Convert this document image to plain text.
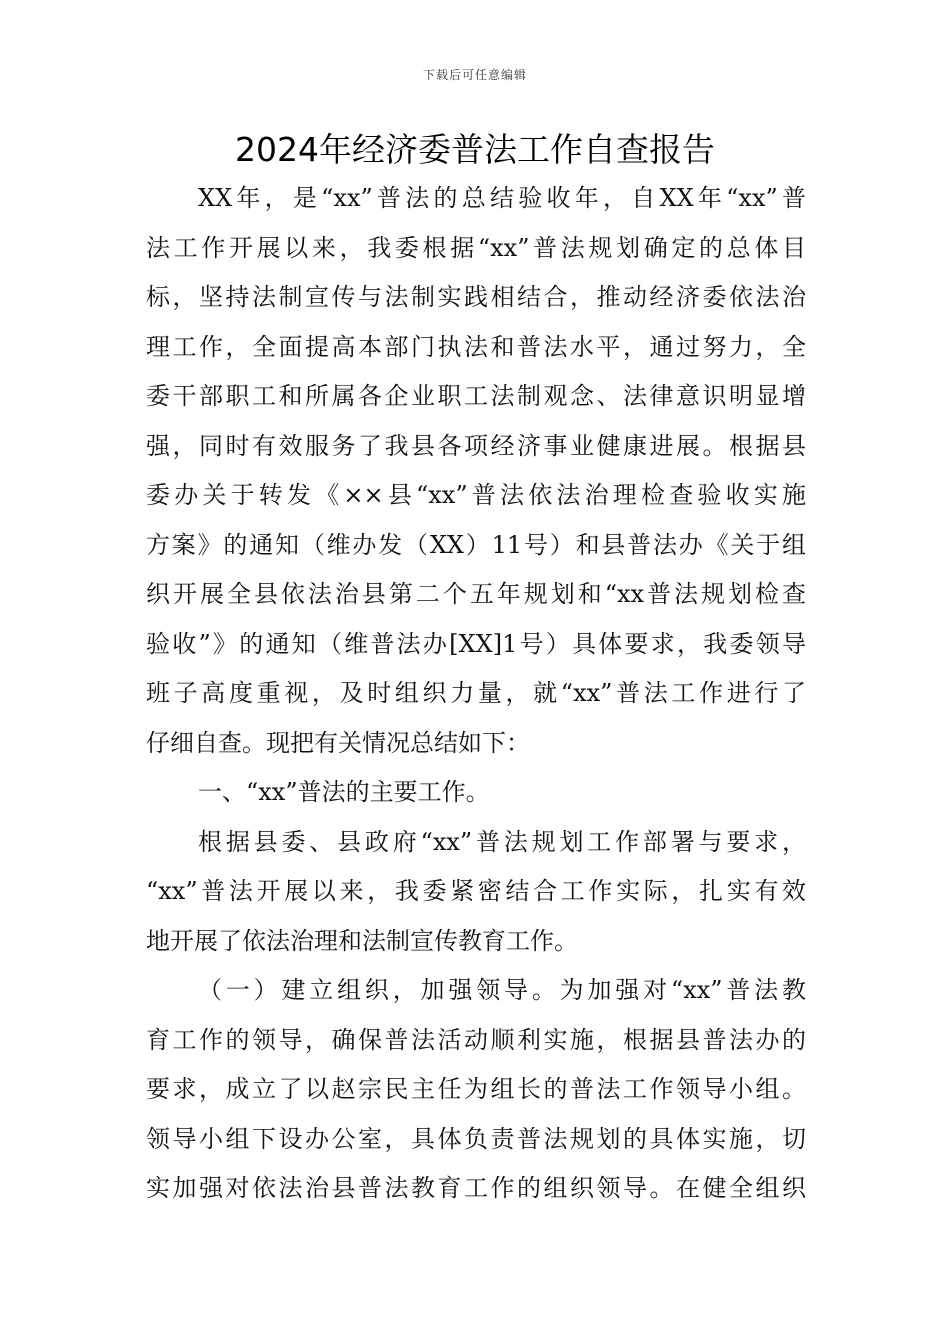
下载后可任意编辑
2024年经济委普法工作自查报告
XX年，是“xx”普法的总结验收年，自XX年“xx”普
法工作开展以来，我委根据“xx”普法规划确定的总体目
标，坚持法制宣传与法制实践相结合，推动经济委依法治
理工作，全面提高本部门执法和普法水平，通过努力，全
委干部职工和所属各企业职工法制观念、法律意识明显增
强，同时有效服务了我县各项经济事业健康进展。根据县
委办关于转发《××县“xx”普法依法治理检查验收实施
方案》的通知（维办发（XX）11号）和县普法办《关于组
织开展全县依法治县第二个五年规划和“xx普法规划检查
验收”》的通知（维普法办[XX]1号）具体要求，我委领导
班子高度重视，及时组织力量，就“xx”普法工作进行了
仔细自查。现把有关情况总结如下：
一、“xx”普法的主要工作。
根据县委、县政府“xx”普法规划工作部署与要求，
“xx”普法开展以来，我委紧密结合工作实际，扎实有效
地开展了依法治理和法制宣传教育工作。
（一）建立组织，加强领导。为加强对“xx”普法教
育工作的领导，确保普法活动顺利实施，根据县普法办的
要求，成立了以赵宗民主任为组长的普法工作领导小组。
领导小组下设办公室，具体负责普法规划的具体实施，切
实加强对依法治县普法教育工作的组织领导。在健全组织
